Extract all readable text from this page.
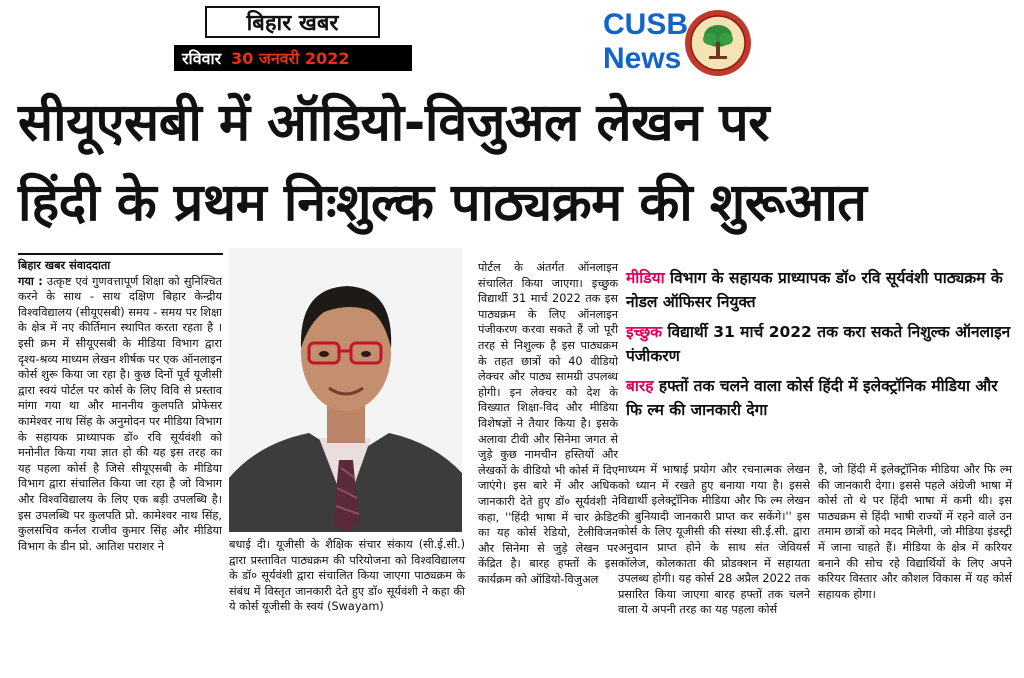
बिहार खबर
रविवार 30 जनवरी 2022
CUSB
News
सीयूएसबी में ऑडियो-विजुअल लेखन पर
हिंदी के प्रथम निःशुल्क पाठ्यक्रम की शुरूआत
बिहार खबर संवाददाता
गया : उत्कृष्ट एवं गुणवत्तापूर्ण शिक्षा को सुनिश्चित करने के साथ - साथ दक्षिण बिहार केन्द्रीय विश्वविद्यालय (सीयूएसबी) समय - समय पर शिक्षा के क्षेत्र में नए कीर्तिमान स्थापित करता रहता है । इसी क्रम में सीयूएसबी के मीडिया विभाग द्वारा दृश्य-श्रव्य माध्यम लेखन शीर्षक पर एक ऑनलाइन कोर्स शुरू किया जा रहा है। कुछ दिनों पूर्व यूजीसी द्वारा स्वयं पोर्टल पर कोर्स के लिए विवि से प्रस्ताव मांगा गया था और माननीय कुलपति प्रोफेसर कामेश्वर नाथ सिंह के अनुमोदन पर मीडिया विभाग के सहायक प्राध्यापक डॉ० रवि सूर्यवंशी को मनोनीत किया गया ज्ञात हो की यह इस तरह का यह पहला कोर्स है जिसे सीयूएसबी के मीडिया विभाग द्वारा संचालित किया जा रहा है जो विभाग और विश्वविद्यालय के लिए एक बड़ी उपलब्धि है। इस उपलब्धि पर कुलपति प्रो. कामेश्वर नाथ सिंह, कुलसचिव कर्नल राजीव कुमार सिंह और मीडिया विभाग के डीन प्रो. आतिश पराशर ने	बधाई दी। यूजीसी के शैक्षिक संचार संकाय (सी.ई.सी.) द्वारा प्रस्तावित पाठ्यक्रम की परियोजना को विश्वविद्यालय के डॉ० सूर्यवंशी द्वारा संचालित किया जाएगा पाठ्यक्रम के संबंध में विस्तृत जानकारी देते हुए डॉ० सूर्यवंशी ने कहा की ये कोर्स यूजीसी के स्वयं (Swayam)
पोर्टल के अंतर्गत ऑनलाइन संचालित किया जाएगा। इच्छुक विद्यार्थी 31 मार्च 2022 तक इस पाठ्यक्रम के लिए ऑनलाइन पंजीकरण करवा सकते हैं जो पूरी तरह से निशुल्क है इस पाठ्यक्रम के तहत छात्रों को 40 वीडियो लेक्चर और पाठ्य सामग्री उपलब्ध होगी। इन लेक्चर को देश के विख्यात शिक्षा-विद और मीडिया विशेषज्ञों ने तैयार किया है। इसके अलावा टीवी और सिनेमा जगत से जुड़े कुछ नामचीन हस्तियों और लेखकों के वीडियो भी कोर्स में दिए जाएंगे। इस बारे में और अधिक जानकारी देते हुए डॉ० सूर्यवंशी ने कहा, ''हिंदी भाषा में चार क्रेडिट का यह कोर्स रेडियो, टेलीविजन और सिनेमा से जुड़े लेखन पर केंद्रित है। बारह हफ्तों के इस कार्यक्रम को ऑडियो-विजुअल
मीडिया विभाग के सहायक प्राध्यापक डॉ० रवि सूर्यवंशी पाठ्यक्रम के नोडल ऑफिसर नियुक्त
इच्छुक विद्यार्थी 31 मार्च 2022 तक करा सकते निशुल्क ऑनलाइन पंजीकरण
बारह हफ्तों तक चलने वाला कोर्स हिंदी में इलेक्ट्रॉनिक मीडिया और फि ल्म की जानकारी देगा
माध्यम में भाषाई प्रयोग और रचनात्मक लेखन को ध्यान में रखते हुए बनाया गया है। इससे विद्यार्थी इलेक्ट्रॉनिक मीडिया और फि ल्म लेखन की बुनियादी जानकारी प्राप्त कर सकेंगे।'' इस कोर्स के लिए यूजीसी की संस्था सी.ई.सी. द्वारा अनुदान प्राप्त होने के साथ संत जेवियर्स कॉलेज, कोलकाता की प्रोडक्शन में सहायता उपलब्ध होगी। यह कोर्स 28 अप्रैल 2022 तक प्रसारित किया जाएगा बारह हफ्तों तक चलने वाला ये अपनी तरह का यह पहला कोर्स
है, जो हिंदी में इलेक्ट्रॉनिक मीडिया और फि ल्म की जानकारी देगा। इससे पहले अंग्रेजी भाषा में कोर्स तो थे पर हिंदी भाषा में कमी थी। इस पाठ्यक्रम से हिंदी भाषी राज्यों में रहने वाले उन तमाम छात्रों को मदद मिलेगी, जो मीडिया इंडस्ट्री में जाना चाहते हैं। मीडिया के क्षेत्र में करियर बनाने की सोच रहे विद्यार्थियों के लिए अपने करियर विस्तार और कौशल विकास में यह कोर्स सहायक होगा।
